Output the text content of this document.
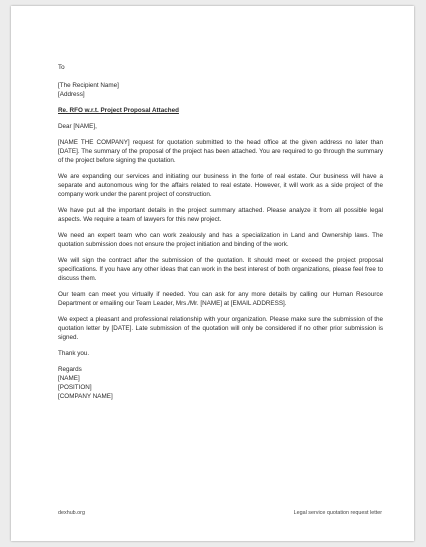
To
[The Recipient Name]
[Address]
Re. RFO w.r.t. Project Proposal Attached
Dear [NAME],

[NAME THE COMPANY] request for quotation submitted to the head office at the given address no later than [DATE]. The summary of the proposal of the project has been attached. You are required to go through the summary of the project before signing the quotation.

We are expanding our services and initiating our business in the forte of real estate. Our business will have a separate and autonomous wing for the affairs related to real estate. However, it will work as a side project of the company work under the parent project of construction.

We have put all the important details in the project summary attached. Please analyze it from all possible legal aspects. We require a team of lawyers for this new project.

We need an expert team who can work zealously and has a specialization in Land and Ownership laws. The quotation submission does not ensure the project initiation and binding of the work.

We will sign the contract after the submission of the quotation. It should meet or exceed the project proposal specifications. If you have any other ideas that can work in the best interest of both organizations, please feel free to discuss them.

Our team can meet you virtually if needed. You can ask for any more details by calling our Human Resource Department or emailing our Team Leader, Mrs./Mr. [NAME] at [EMAIL ADDRESS].

We expect a pleasant and professional relationship with your organization. Please make sure the submission of the quotation letter by [DATE]. Late submission of the quotation will only be considered if no other prior submission is signed.

Thank you.
Regards
[NAME]
[POSITION]
[COMPANY NAME]
dexhub.org	Legal service quotation request letter
